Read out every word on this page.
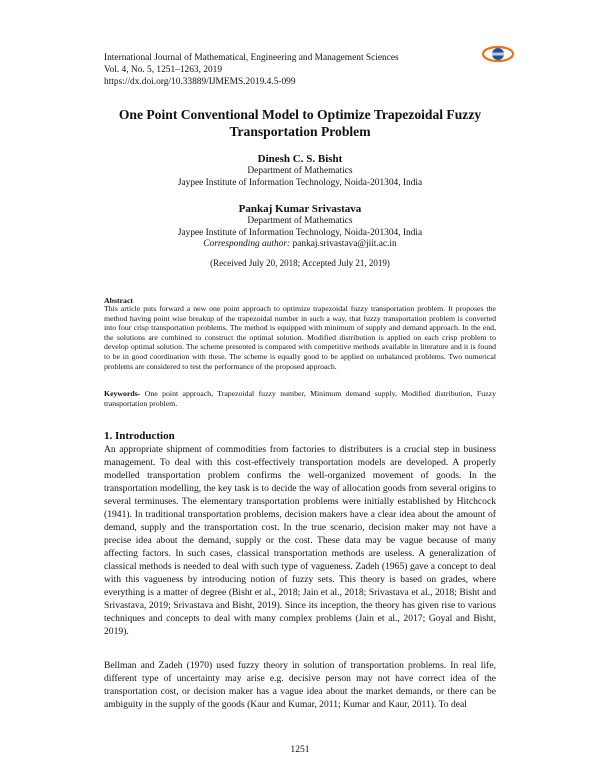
International Journal of Mathematical, Engineering and Management Sciences
Vol. 4, No. 5, 1251–1263, 2019
https://dx.doi.org/10.33889/IJMEMS.2019.4.5-099
One Point Conventional Model to Optimize Trapezoidal Fuzzy Transportation Problem
Dinesh C. S. Bisht
Department of Mathematics
Jaypee Institute of Information Technology, Noida-201304, India
Pankaj Kumar Srivastava
Department of Mathematics
Jaypee Institute of Information Technology, Noida-201304, India
Corresponding author: pankaj.srivastava@jiit.ac.in
(Received July 20, 2018; Accepted July 21, 2019)
Abstract
This article puts forward a new one point approach to optimize trapezoidal fuzzy transportation problem. It proposes the method having point wise breakup of the trapezoidal number in such a way, that fuzzy transportation problem is converted into four crisp transportation problems. The method is equipped with minimum of supply and demand approach. In the end, the solutions are combined to construct the optimal solution. Modified distribution is applied on each crisp problem to develop optimal solution. The scheme presented is compared with competitive methods available in literature and it is found to be in good coordination with these. The scheme is equally good to be applied on unbalanced problems. Two numerical problems are considered to test the performance of the proposed approach.
Keywords- One point approach, Trapezoidal fuzzy number, Minimum demand supply, Modified distribution, Fuzzy transportation problem.
1. Introduction
An appropriate shipment of commodities from factories to distributers is a crucial step in business management. To deal with this cost-effectively transportation models are developed. A properly modelled transportation problem confirms the well-organized movement of goods. In the transportation modelling, the key task is to decide the way of allocation goods from several origins to several terminuses. The elementary transportation problems were initially established by Hitchcock (1941). In traditional transportation problems, decision makers have a clear idea about the amount of demand, supply and the transportation cost. In the true scenario, decision maker may not have a precise idea about the demand, supply or the cost. These data may be vague because of many affecting factors. In such cases, classical transportation methods are useless. A generalization of classical methods is needed to deal with such type of vagueness. Zadeh (1965) gave a concept to deal with this vagueness by introducing notion of fuzzy sets. This theory is based on grades, where everything is a matter of degree (Bisht et al., 2018; Jain et al., 2018; Srivastava et al., 2018; Bisht and Srivastava, 2019; Srivastava and Bisht, 2019). Since its inception, the theory has given rise to various techniques and concepts to deal with many complex problems (Jain et al., 2017; Goyal and Bisht, 2019).
Bellman and Zadeh (1970) used fuzzy theory in solution of transportation problems. In real life, different type of uncertainty may arise e.g. decisive person may not have correct idea of the transportation cost, or decision maker has a vague idea about the market demands, or there can be ambiguity in the supply of the goods (Kaur and Kumar, 2011; Kumar and Kaur, 2011). To deal
1251
